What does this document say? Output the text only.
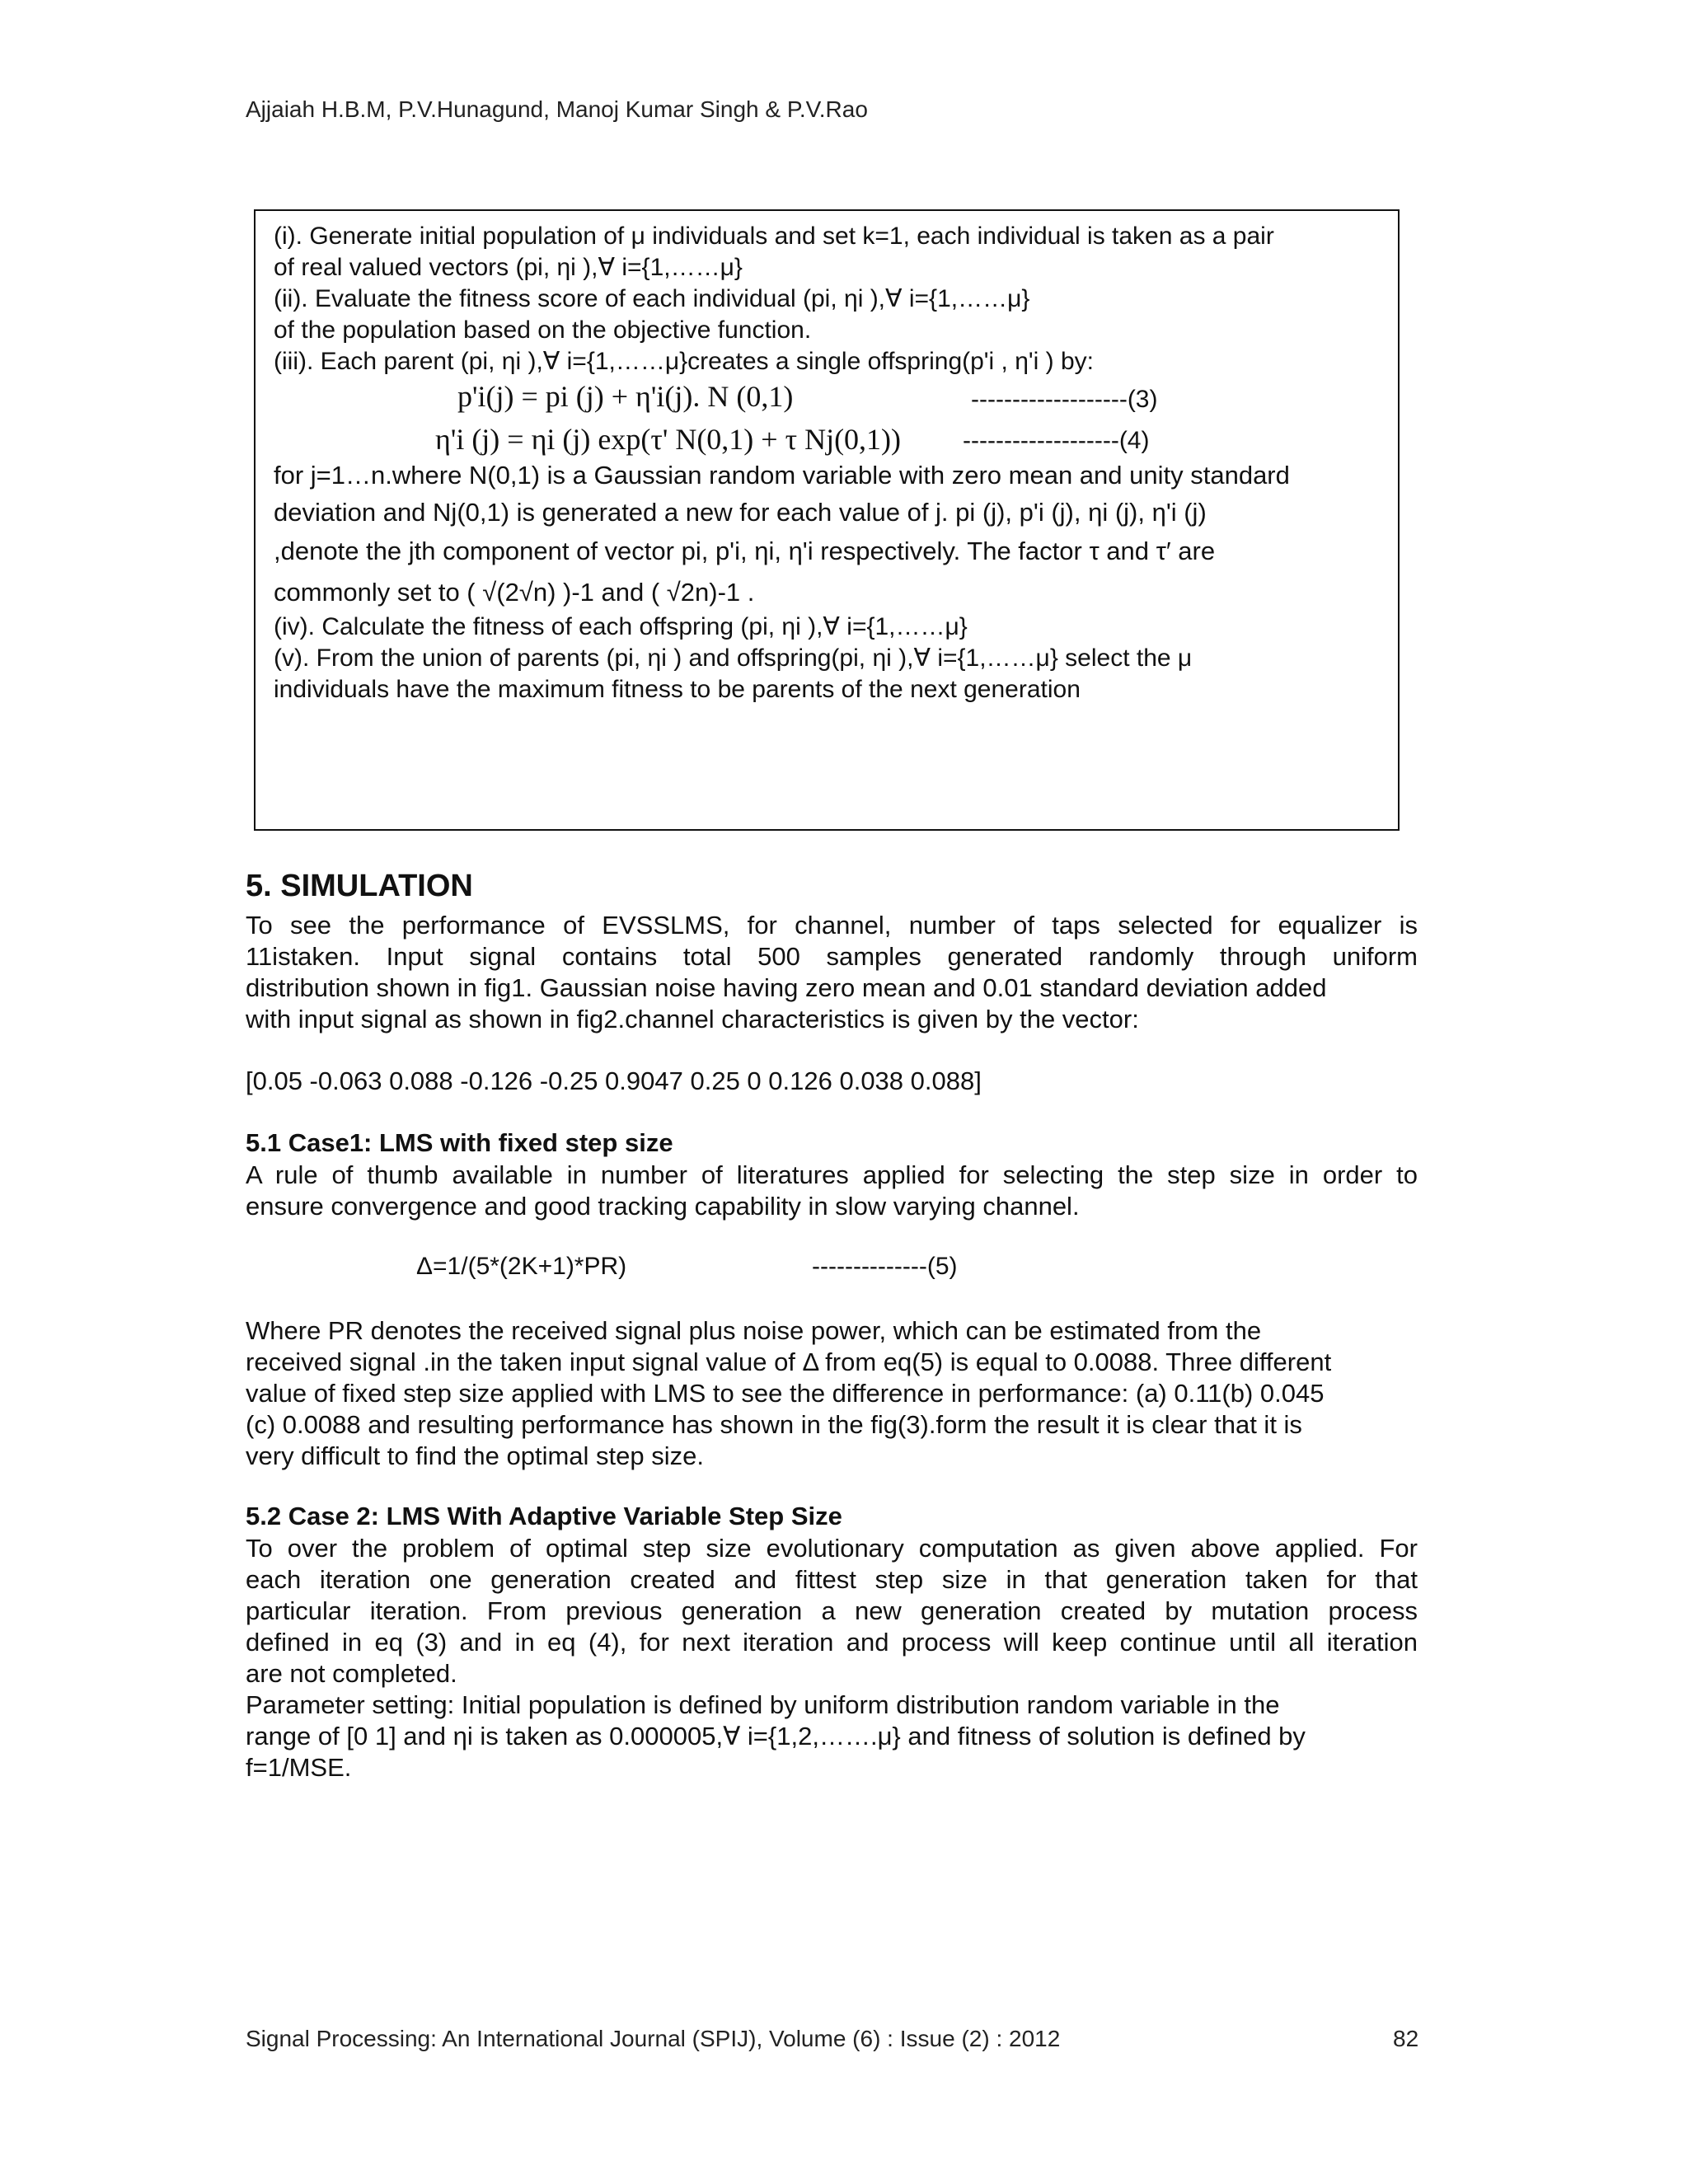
Ajjaiah H.B.M, P.V.Hunagund, Manoj Kumar Singh & P.V.Rao
(i). Generate initial population of μ individuals and set k=1, each individual is taken as a pair
of real valued vectors (pi, ηi ),∀ i={1,……μ}
(ii). Evaluate the fitness score of each individual (pi, ηi ),∀ i={1,……μ}
of the population based on the objective function.
(iii). Each parent (pi, ηi ),∀ i={1,……μ}creates a single offspring(p'i , η'i ) by:
p'i(j) = pi (j) + η'i(j). N (0,1)	-------------------(3)
η'i (j) = ηi (j) exp(τ' N(0,1) + τ Nj(0,1)) -------------------(4)
for j=1…n.where N(0,1) is a Gaussian random variable with zero mean and unity standard
deviation and Nj(0,1) is generated a new for each value of j. pi (j), p'i (j), ηi (j), η'i (j)
,denote the jth component of vector pi, p'i, ηi, η'i respectively. The factor τ and τ′ are
commonly set to ( √(2√n) )-1 and ( √2n)-1 .
(iv). Calculate the fitness of each offspring (pi, ηi ),∀ i={1,……μ}
(v). From the union of parents (pi, ηi ) and offspring(pi, ηi ),∀ i={1,……μ} select the μ
individuals have the maximum fitness to be parents of the next generation
5. SIMULATION
To see the performance of EVSSLMS, for channel, number of taps selected for equalizer is
11istaken. Input signal contains total 500 samples generated randomly through uniform
distribution shown in fig1. Gaussian noise having zero mean and 0.01 standard deviation added
with input signal as shown in fig2.channel characteristics is given by the vector:
[0.05 -0.063 0.088 -0.126 -0.25 0.9047 0.25 0 0.126 0.038 0.088]
5.1 Case1: LMS with fixed step size
A rule of thumb available in number of literatures applied for selecting the step size in order to
ensure convergence and good tracking capability in slow varying channel.
Δ=1/(5*(2K+1)*PR)	--------------(5)
Where PR denotes the received signal plus noise power, which can be estimated from the
received signal .in the taken input signal value of Δ from eq(5) is equal to 0.0088. Three different
value of fixed step size applied with LMS to see the difference in performance: (a) 0.11(b) 0.045
(c) 0.0088 and resulting performance has shown in the fig(3).form the result it is clear that it is
very difficult to find the optimal step size.
5.2 Case 2: LMS With Adaptive Variable Step Size
To over the problem of optimal step size evolutionary computation as given above applied. For
each iteration one generation created and fittest step size in that generation taken for that
particular iteration. From previous generation a new generation created by mutation process
defined in eq (3) and in eq (4), for next iteration and process will keep continue until all iteration
are not completed.
Parameter setting: Initial population is defined by uniform distribution random variable in the
range of [0 1] and ηi is taken as 0.000005,∀ i={1,2,…….μ} and fitness of solution is defined by
f=1/MSE.
Signal Processing: An International Journal (SPIJ), Volume (6) : Issue (2) : 2012	82
